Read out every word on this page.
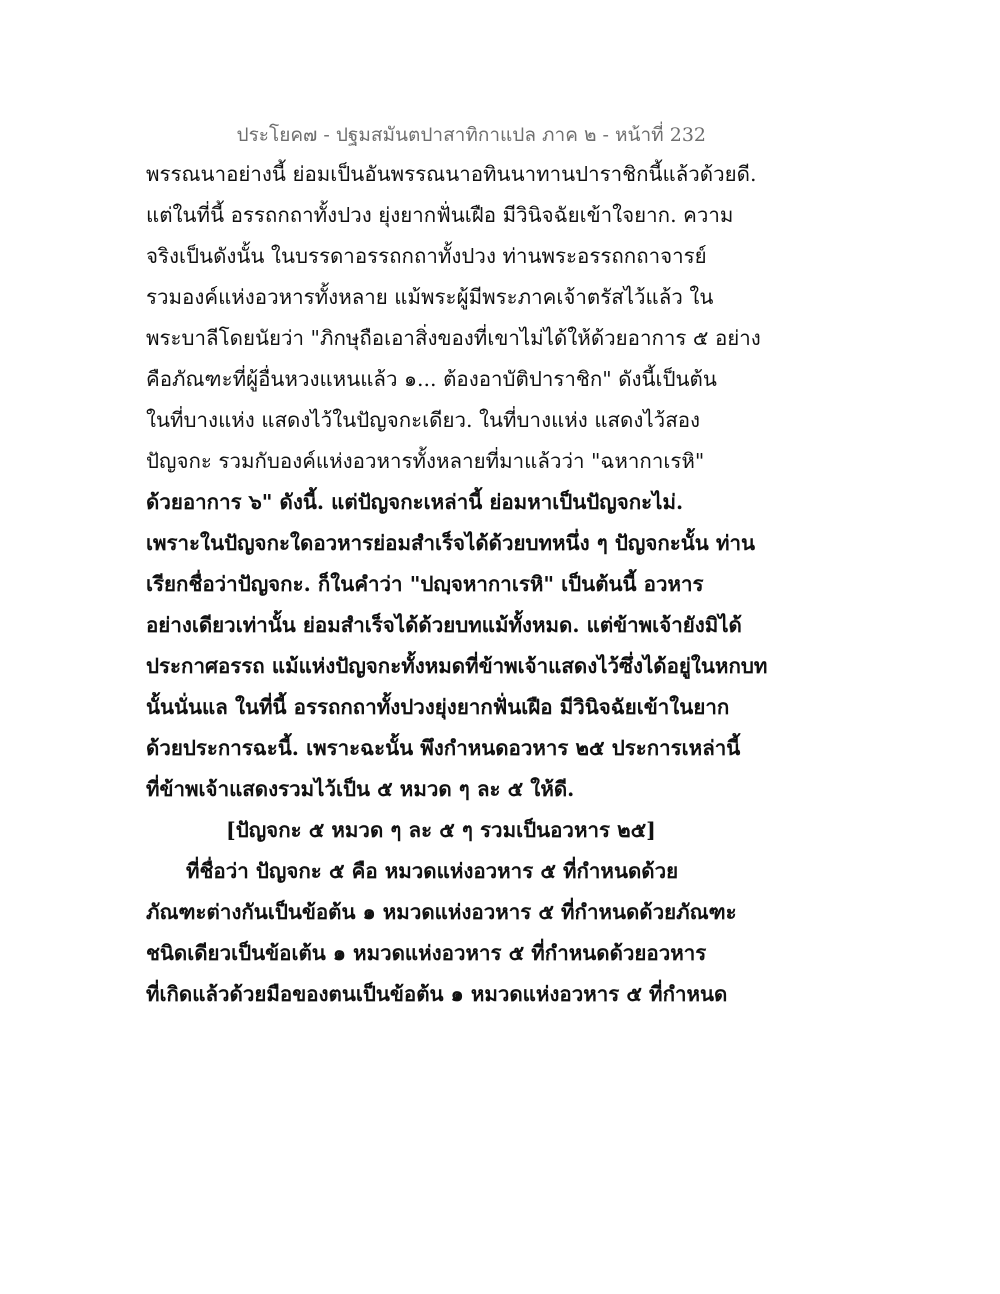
ประโยค๗ - ปฐมสมันตปาสาทิกาแปล ภาค ๒ - หน้าที่ 232
พรรณนาอย่างนี้ ย่อมเป็นอันพรรณนาอทินนาทานปาราชิกนี้แล้วด้วยดี.
แต่ในที่นี้ อรรถกถาทั้งปวง ยุ่งยากฟั่นเฝือ มีวินิจฉัยเข้าใจยาก. ความ
จริงเป็นดังนั้น ในบรรดาอรรถกถาทั้งปวง ท่านพระอรรถกถาจารย์
รวมองค์แห่งอวหารทั้งหลาย แม้พระผู้มีพระภาคเจ้าตรัสไว้แล้ว ใน
พระบาลีโดยนัยว่า "ภิกษุถือเอาสิ่งของที่เขาไม่ได้ให้ด้วยอาการ ๕ อย่าง
คือภัณฑะที่ผู้อื่นหวงแหนแล้ว ๑... ต้องอาบัติปาราชิก" ดังนี้เป็นต้น
ในที่บางแห่ง แสดงไว้ในปัญจกะเดียว. ในที่บางแห่ง แสดงไว้สอง
ปัญจกะ รวมกับองค์แห่งอวหารทั้งหลายที่มาแล้วว่า "ฉหากาเรหิ"
ด้วยอาการ ๖" ดังนี้. แต่ปัญจกะเหล่านี้ ย่อมหาเป็นปัญจกะไม่.
เพราะในปัญจกะใดอวหารย่อมสำเร็จได้ด้วยบทหนึ่ง ๆ ปัญจกะนั้น ท่าน
เรียกชื่อว่าปัญจกะ. ก็ในคำว่า "ปญฺจหากาเรหิ" เป็นต้นนี้ อวหาร
อย่างเดียวเท่านั้น ย่อมสำเร็จได้ด้วยบทแม้ทั้งหมด. แต่ข้าพเจ้ายังมิได้
ประกาศอรรถ แม้แห่งปัญจกะทั้งหมดที่ข้าพเจ้าแสดงไว้ซึ่งได้อยู่ในหกบท
นั้นนั่นแล ในที่นี้ อรรถกถาทั้งปวงยุ่งยากฟั่นเฝือ มีวินิจฉัยเข้าในยาก
ด้วยประการฉะนี้. เพราะฉะนั้น พึงกำหนดอวหาร ๒๕ ประการเหล่านี้
ที่ข้าพเจ้าแสดงรวมไว้เป็น ๕ หมวด ๆ ละ ๕ ให้ดี.
[ปัญจกะ ๕ หมวด ๆ ละ ๕ ๆ รวมเป็นอวหาร ๒๕]
ที่ชื่อว่า ปัญจกะ ๕ คือ หมวดแห่งอวหาร ๕ ที่กำหนดด้วย
ภัณฑะต่างกันเป็นข้อต้น ๑ หมวดแห่งอวหาร ๕ ที่กำหนดด้วยภัณฑะ
ชนิดเดียวเป็นข้อเต้น ๑ หมวดแห่งอวหาร ๕ ที่กำหนดด้วยอวหาร
ที่เกิดแล้วด้วยมือของตนเป็นข้อต้น ๑ หมวดแห่งอวหาร ๕ ที่กำหนด
